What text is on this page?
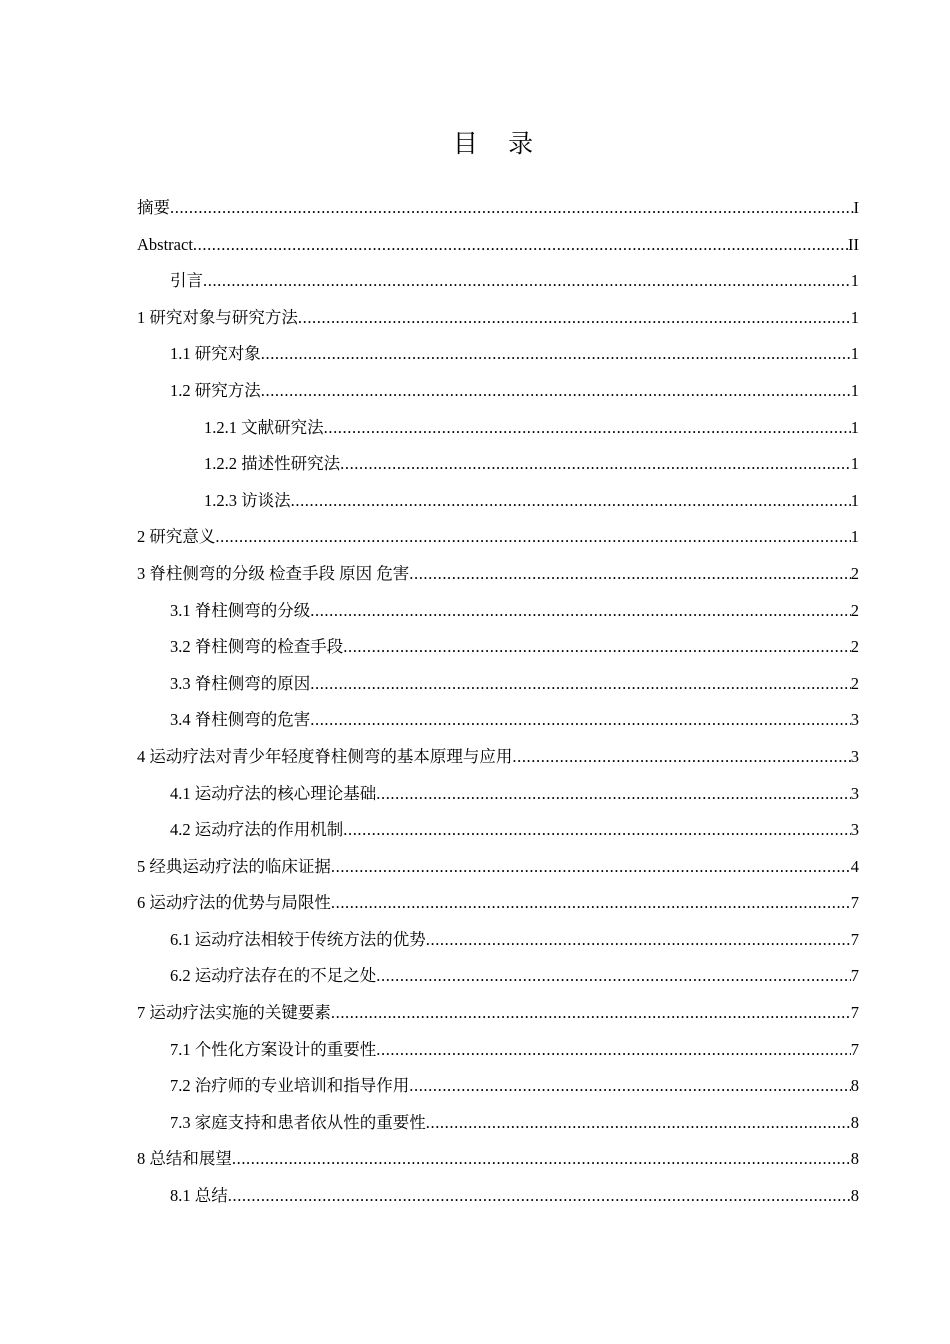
目 录
摘要 .....	I
Abstract .....	II
引言 .....	1
1 研究对象与研究方法 .....	1
1.1 研究对象 .....	1
1.2 研究方法 .....	1
1.2.1 文献研究法 .....	1
1.2.2 描述性研究法 .....	1
1.2.3 访谈法 .....	1
2 研究意义 .....	1
3 脊柱侧弯的分级 检查手段 原因 危害 .....	2
3.1 脊柱侧弯的分级 .....	2
3.2 脊柱侧弯的检查手段 .....	2
3.3 脊柱侧弯的原因 .....	2
3.4 脊柱侧弯的危害 .....	3
4 运动疗法对青少年轻度脊柱侧弯的基本原理与应用 .....	3
4.1 运动疗法的核心理论基础 .....	3
4.2 运动疗法的作用机制 .....	3
5 经典运动疗法的临床证据 .....	4
6 运动疗法的优势与局限性 .....	7
6.1 运动疗法相较于传统方法的优势 .....	7
6.2 运动疗法存在的不足之处 .....	7
7 运动疗法实施的关键要素 .....	7
7.1 个性化方案设计的重要性 .....	7
7.2 治疗师的专业培训和指导作用 .....	8
7.3 家庭支持和患者依从性的重要性 .....	8
8 总结和展望 .....	8
8.1 总结 .....	8
